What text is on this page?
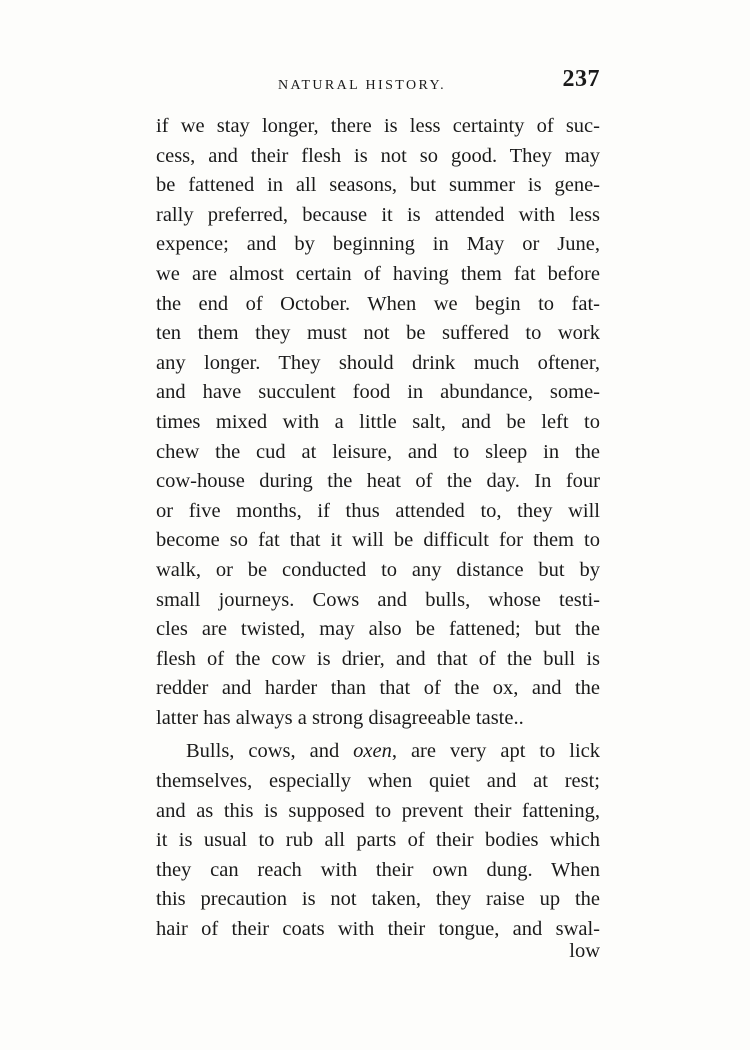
NATURAL HISTORY.	237
if we stay longer, there is less certainty of suc-
cess, and their flesh is not so good. They may
be fattened in all seasons, but summer is gene-
rally preferred, because it is attended with less
expence; and by beginning in May or June,
we are almost certain of having them fat before
the end of October. When we begin to fat-
ten them they must not be suffered to work
any longer. They should drink much oftener,
and have succulent food in abundance, some-
times mixed with a little salt, and be left to
chew the cud at leisure, and to sleep in the
cow-house during the heat of the day. In four
or five months, if thus attended to, they will
become so fat that it will be difficult for them to
walk, or be conducted to any distance but by
small journeys. Cows and bulls, whose testi-
cles are twisted, may also be fattened; but the
flesh of the cow is drier, and that of the bull is
redder and harder than that of the ox, and the
latter has always a strong disagreeable taste..
Bulls, cows, and oxen, are very apt to lick
themselves, especially when quiet and at rest;
and as this is supposed to prevent their fattening,
it is usual to rub all parts of their bodies which
they can reach with their own dung. When
this precaution is not taken, they raise up the
hair of their coats with their tongue, and swal-
low
